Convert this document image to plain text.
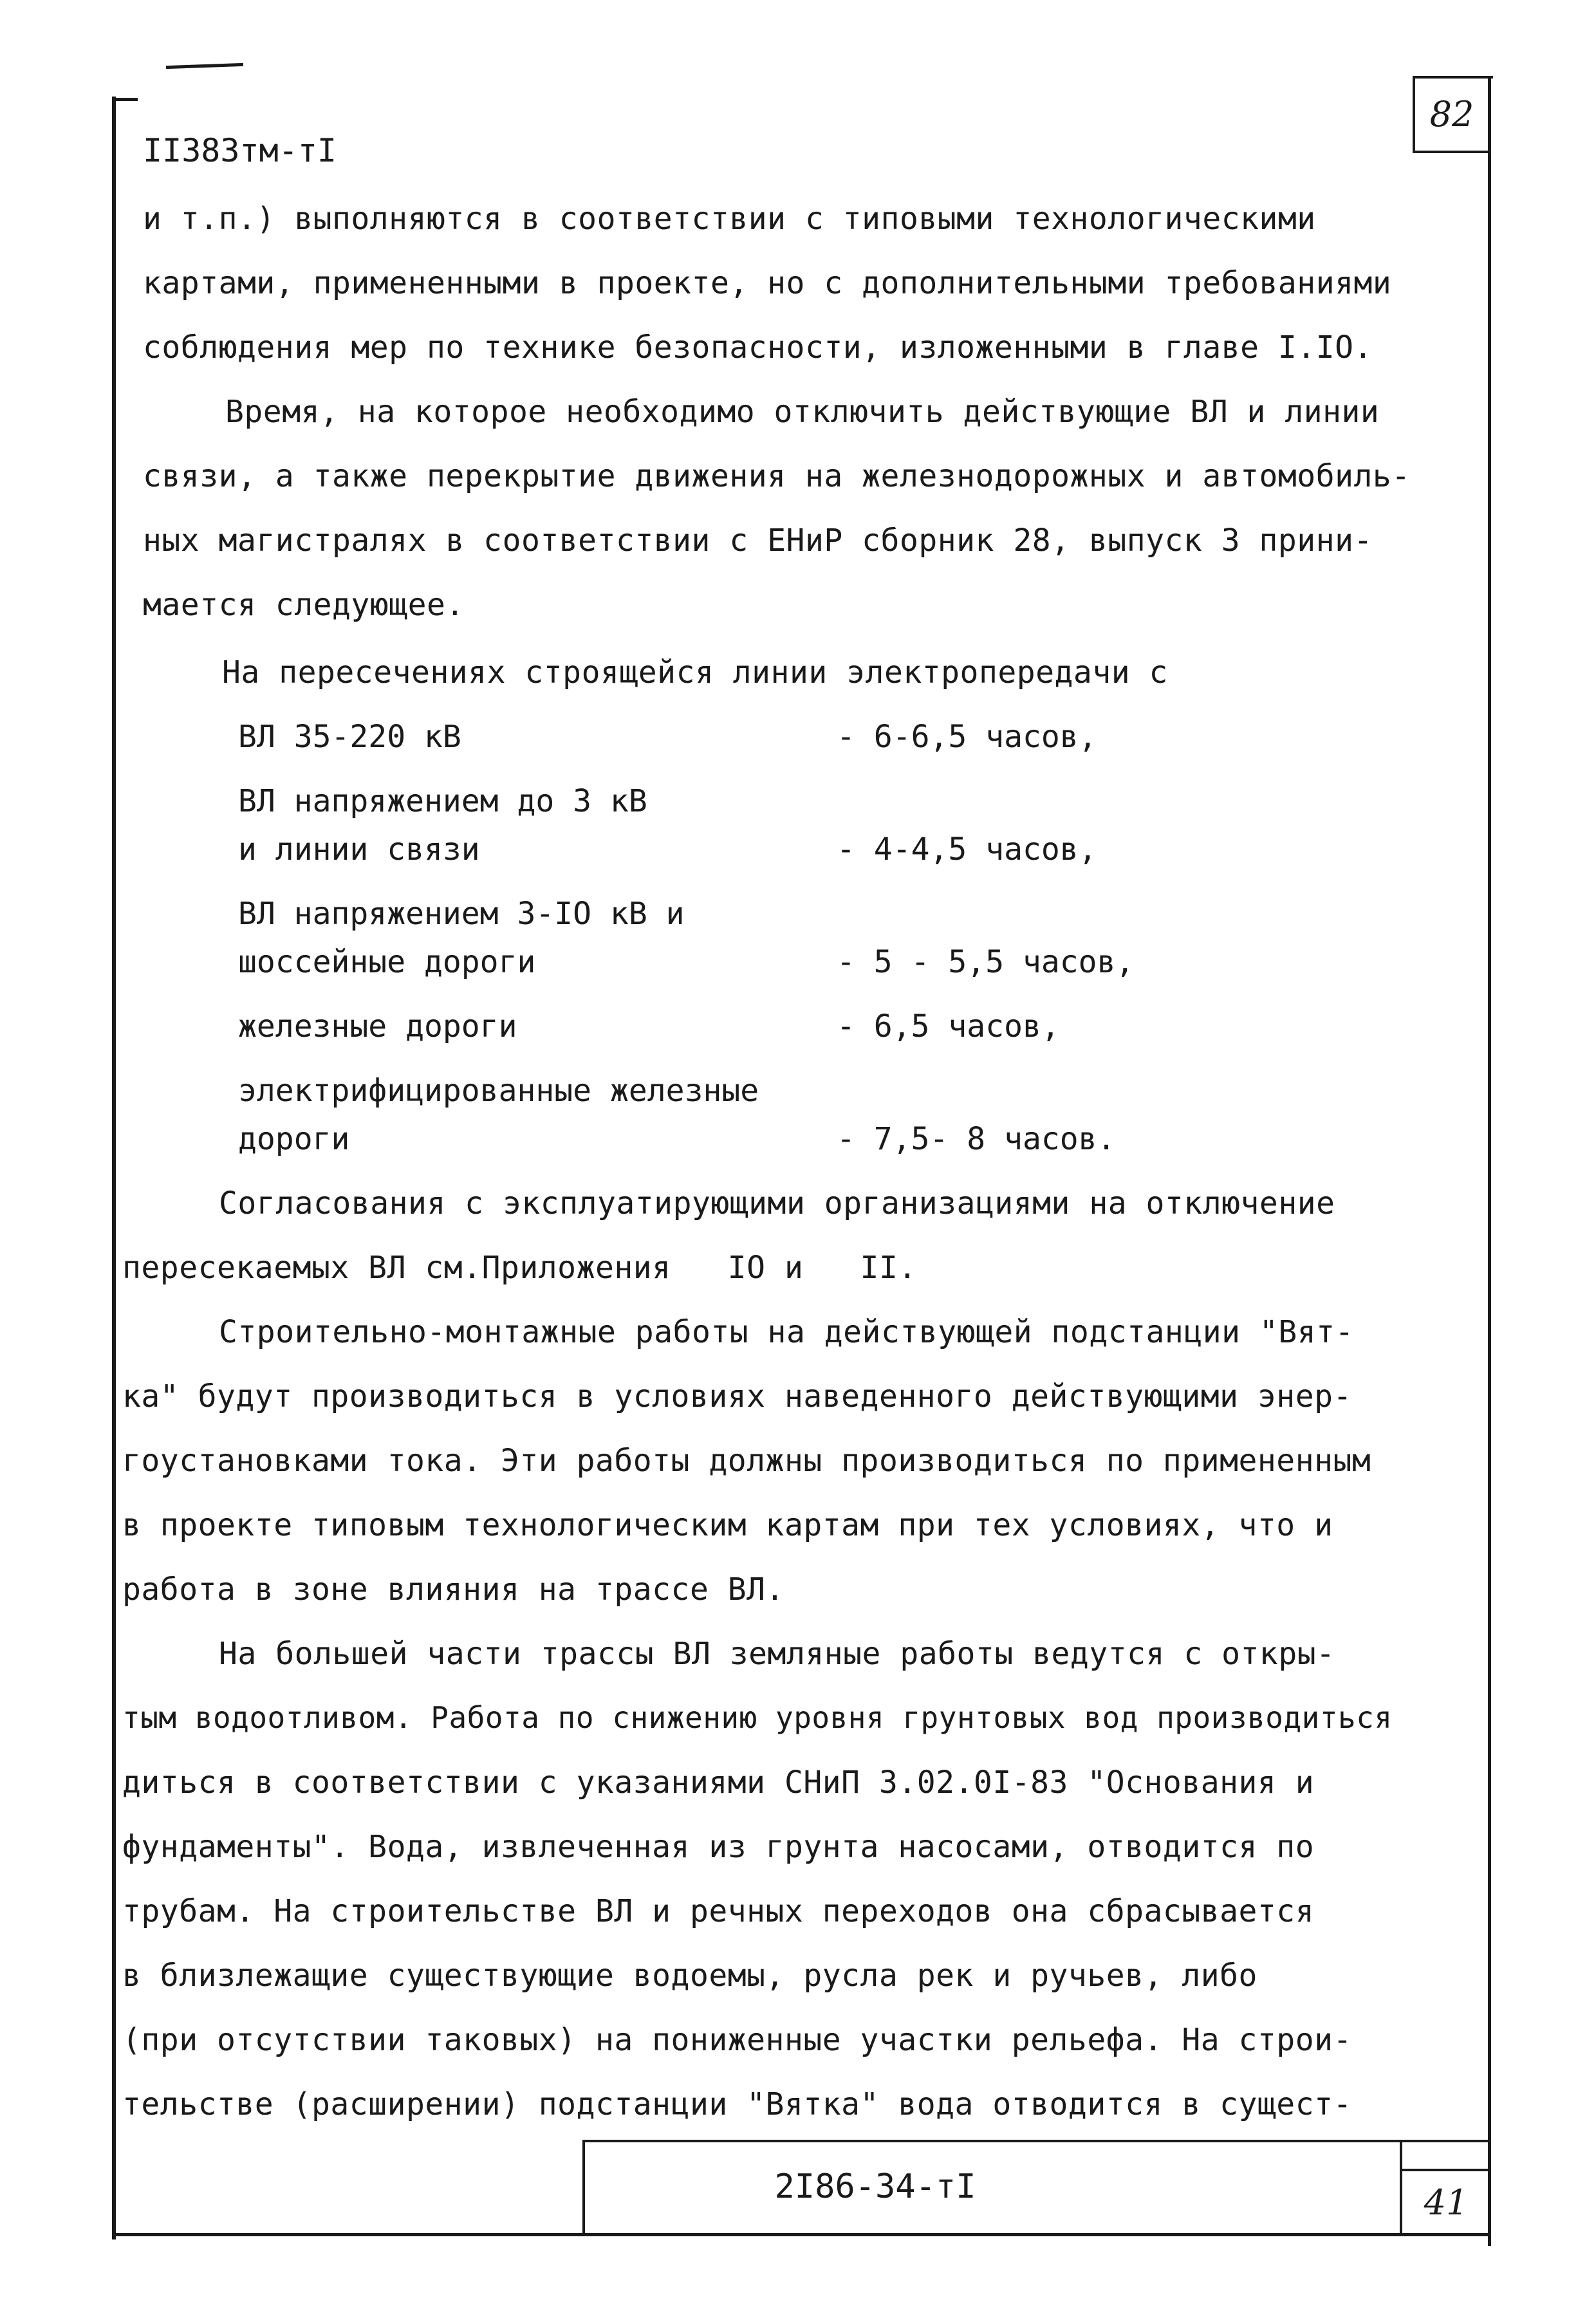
82
II383тм-тI
и т.п.) выполняются в соответствии с типовыми технологическими
картами, примененными в проекте, но с дополнительными требованиями
соблюдения мер по технике безопасности, изложенными в главе I.IO.
Время, на которое необходимо отключить действующие ВЛ и линии
связи, а также перекрытие движения на железнодорожных и автомобиль-
ных магистралях в соответствии с ЕНиР сборник 28, выпуск 3 прини-
мается следующее.
На пересечениях строящейся линии электропередачи с
ВЛ 35-220 кВ	- 6-6,5 часов,
ВЛ напряжением до 3 кВ
и линии связи	- 4-4,5 часов,
ВЛ напряжением 3-IO кВ и
шоссейные дороги	- 5 - 5,5 часов,
железные дороги	- 6,5 часов,
электрифицированные железные
дороги	- 7,5- 8 часов.
Согласования с эксплуатирующими организациями на отключение
пересекаемых ВЛ см.Приложения   IO и   II.
Строительно-монтажные работы на действующей подстанции "Вят-
ка" будут производиться в условиях наведенного действующими энер-
гоустановками тока. Эти работы должны производиться по примененным
в проекте типовым технологическим картам при тех условиях, что и
работа в зоне влияния на трассе ВЛ.
На большей части трассы ВЛ земляные работы ведутся с откры-
тым водоотливом. Работа по снижению уровня грунтовых вод производиться
диться в соответствии с указаниями СНиП 3.02.0I-83 "Основания и
фундаменты". Вода, извлеченная из грунта насосами, отводится по
трубам. На строительстве ВЛ и речных переходов она сбрасывается
в близлежащие существующие водоемы, русла рек и ручьев, либо
(при отсутствии таковых) на пониженные участки рельефа. На строи-
тельстве (расширении) подстанции "Вятка" вода отводится в сущест-
2I86-34-тI	41
